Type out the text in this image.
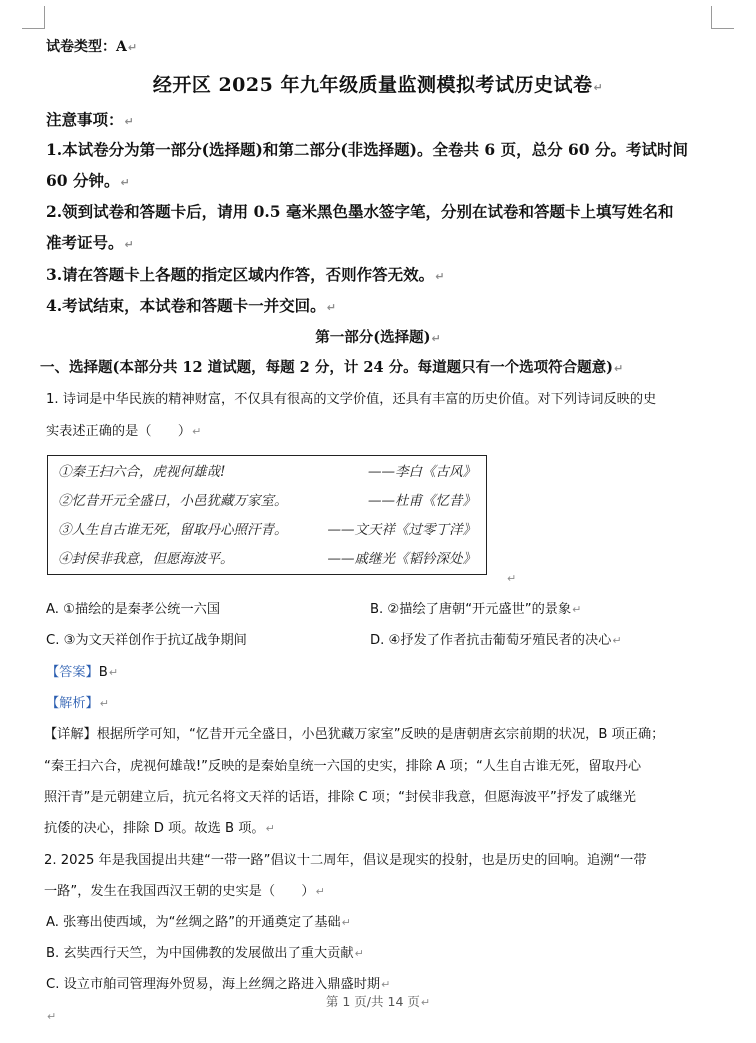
试卷类型：A↵
经开区 2025 年九年级质量监测模拟考试历史试卷↵
注意事项：↵
1.本试卷分为第一部分(选择题)和第二部分(非选择题)。全卷共 6 页，总分 60 分。考试时间
60 分钟。↵
2.领到试卷和答题卡后，请用 0.5 毫米黑色墨水签字笔，分别在试卷和答题卡上填写姓名和
准考证号。↵
3.请在答题卡上各题的指定区域内作答，否则作答无效。↵
4.考试结束，本试卷和答题卡一并交回。↵
第一部分(选择题)↵
一、选择题(本部分共 12 道试题，每题 2 分，计 24 分。每道题只有一个选项符合题意)↵
1. 诗词是中华民族的精神财富，不仅具有很高的文学价值，还具有丰富的历史价值。对下列诗词反映的史
实表述正确的是（　　）↵
①秦王扫六合，虎视何雄哉!	——李白《古风》
②忆昔开元全盛日，小邑犹藏万家室。	——杜甫《忆昔》
③人生自古谁无死，留取丹心照汗青。	——文天祥《过零丁洋》
④封侯非我意，但愿海波平。	——戚继光《韬钤深处》
↵
A. ①描绘的是秦孝公统一六国	B. ②描绘了唐朝“开元盛世”的景象↵
C. ③为文天祥创作于抗辽战争期间	D. ④抒发了作者抗击葡萄牙殖民者的决心↵
【答案】B↵
【解析】↵
【详解】根据所学可知，“忆昔开元全盛日，小邑犹藏万家室”反映的是唐朝唐玄宗前期的状况，B 项正确；
“秦王扫六合，虎视何雄哉!”反映的是秦始皇统一六国的史实，排除 A 项；“人生自古谁无死，留取丹心
照汗青”是元朝建立后，抗元名将文天祥的话语，排除 C 项；“封侯非我意，但愿海波平”抒发了戚继光
抗倭的决心，排除 D 项。故选 B 项。↵
2. 2025 年是我国提出共建“一带一路”倡议十二周年，倡议是现实的投射，也是历史的回响。追溯“一带
一路”，发生在我国西汉王朝的史实是（　　）↵
A. 张骞出使西域，为“丝绸之路”的开通奠定了基础↵
B. 玄奘西行天竺，为中国佛教的发展做出了重大贡献↵
C. 设立市舶司管理海外贸易，海上丝绸之路进入鼎盛时期↵
第 1 页/共 14 页↵
↵
